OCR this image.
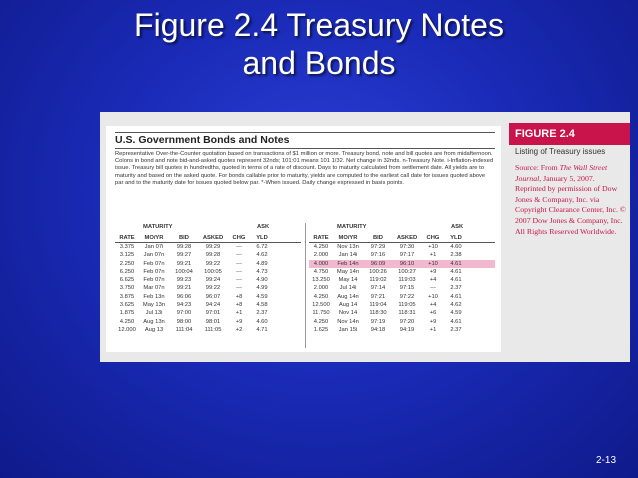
Figure 2.4 Treasury Notes
and Bonds
U.S. Government Bonds and Notes
Representative Over-the-Counter quotation based on transactions of $1 million or more. Treasury bond, note and bill quotes are from midafternoon. Colons in bond and note bid-and-asked quotes represent 32nds; 101:01 means 101 1/32. Net change in 32nds. n-Treasury Note. i-Inflation-indexed issue. Treasury bill quotes in hundredths, quoted in terms of a rate of discount. Days to maturity calculated from settlement date. All yields are to maturity and based on the asked quote. For bonds callable prior to maturity, yields are computed to the earliest call date for issues quoted above par and to the maturity date for issues quoted below par. *-When issued. Daily change expressed in basis points.
MATURITY	ASK
RATE	MO/YR	BID	ASKED	CHG	YLD
3.375	Jan 07i	99:28	99:29	---	6.72
3.125	Jan 07n	99:27	99:28	---	4.62
2.250	Feb 07n	99:21	99:22	---	4.89
6.250	Feb 07n	100:04	100:05	---	4.73
6.625	Feb 07n	99:23	99:24	---	4.90
3.750	Mar 07n	99:21	99:22	---	4.99
3.875	Feb 13n	96:06	96:07	+8	4.59
3.625	May 13n	94:23	94:24	+8	4.58
1.875	Jul 13i	97:00	97:01	+1	2.37
4.250	Aug 13n	98:00	98:01	+9	4.60
12.000	Aug 13	111:04	111:05	+2	4.71
MATURITY	ASK
RATE	MO/YR	BID	ASKED	CHG	YLD
4.250	Nov 13n	97:29	97:30	+10	4.60
2.000	Jan 14i	97:16	97:17	+1	2.38
4.000	Feb 14n	96:09	96:10	+10	4.61
4.750	May 14n	100:26	100:27	+9	4.61
13.250	May 14	119:02	119:03	+4	4.61
2.000	Jul 14i	97:14	97:15	---	2.37
4.250	Aug 14n	97:21	97:22	+10	4.61
12.500	Aug 14	119:04	119:05	+4	4.62
11.750	Nov 14	118:30	118:31	+6	4.59
4.250	Nov 14n	97:19	97:20	+9	4.61
1.625	Jan 15i	94:18	94:19	+1	2.37
FIGURE 2.4
Listing of Treasury issues
Source: From The Wall Street Journal, January 5, 2007. Reprinted by permission of Dow Jones & Company, Inc. via Copyright Clearance Center, Inc. © 2007 Dow Jones & Company, Inc. All Rights Reserved Worldwide.
2-13
